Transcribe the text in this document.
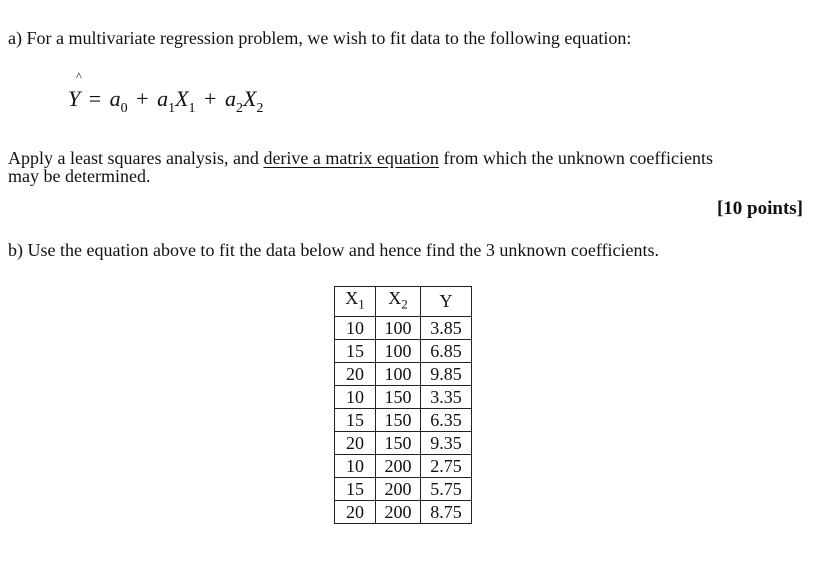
a) For a multivariate regression problem, we wish to fit data to the following equation:
^
$Y = a_0 + a_1X_1 + a_2X_2$
Apply a least squares analysis, and derive a matrix equation from which the unknown coefficients
may be determined.
[10 points]
b) Use the equation above to fit the data below and hence find the 3 unknown coefficients.
$X_1$	$X_2$	Y
10	100	3.85
15	100	6.85
20	100	9.85
10	150	3.35
15	150	6.35
20	150	9.35
10	200	2.75
15	200	5.75
20	200	8.75
